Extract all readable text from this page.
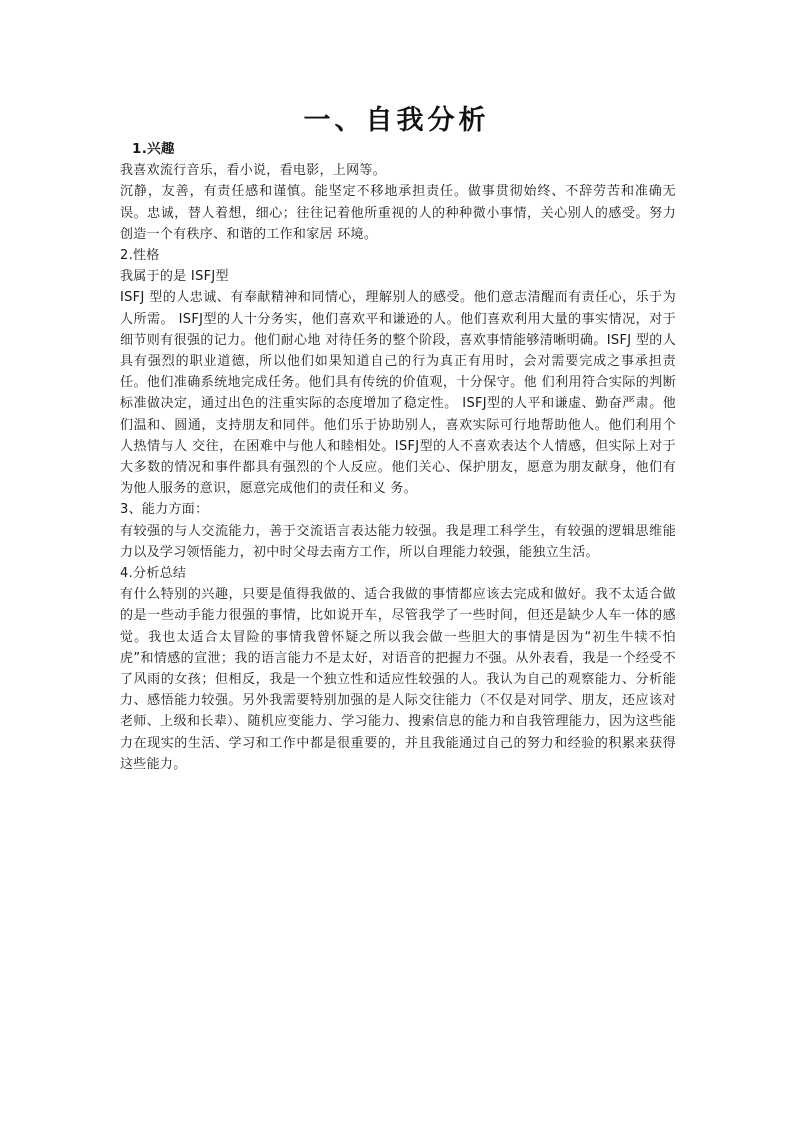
一、自我分析

1.兴趣

我喜欢流行音乐，看小说，看电影，上网等。

沉静，友善，有责任感和谨慎。能坚定不移地承担责任。做事贯彻始终、不辞劳苦和准确无误。忠诚，替人着想，细心；往往记着他所重视的人的种种微小事情，关心别人的感受。努力创造一个有秩序、和谐的工作和家居 环境。

2.性格

我属于的是 ISFJ型

ISFJ 型的人忠诚、有奉献精神和同情心，理解别人的感受。他们意志清醒而有责任心，乐于为人所需。 ISFJ型的人十分务实，他们喜欢平和谦逊的人。他们喜欢利用大量的事实情况，对于细节则有很强的记力。他们耐心地 对待任务的整个阶段，喜欢事情能够清晰明确。ISFJ 型的人具有强烈的职业道德，所以他们如果知道自己的行为真正有用时，会对需要完成之事承担责任。他们准确系统地完成任务。他们具有传统的价值观，十分保守。他 们利用符合实际的判断标准做决定，通过出色的注重实际的态度增加了稳定性。 ISFJ型的人平和谦虚、勤奋严肃。他们温和、圆通，支持朋友和同伴。他们乐于协助别人，喜欢实际可行地帮助他人。他们利用个人热情与人 交往，在困难中与他人和睦相处。ISFJ型的人不喜欢表达个人情感，但实际上对于大多数的情况和事件都具有强烈的个人反应。他们关心、保护朋友，愿意为朋友献身，他们有为他人服务的意识，愿意完成他们的责任和义 务。

3、能力方面：

有较强的与人交流能力，善于交流语言表达能力较强。我是理工科学生，有较强的逻辑思维能力以及学习领悟能力，初中时父母去南方工作，所以自理能力较强，能独立生活。

4.分析总结

有什么特别的兴趣，只要是值得我做的、适合我做的事情都应该去完成和做好。我不太适合做的是一些动手能力很强的事情，比如说开车，尽管我学了一些时间，但还是缺少人车一体的感觉。我也太适合太冒险的事情我曾怀疑之所以我会做一些胆大的事情是因为“初生牛犊不怕虎”和情感的宣泄；我的语言能力不是太好，对语音的把握力不强。从外表看，我是一个经受不了风雨的女孩；但相反，我是一个独立性和适应性较强的人。我认为自己的观察能力、分析能力、感悟能力较强。另外我需要特别加强的是人际交往能力（不仅是对同学、朋友，还应该对老师、上级和长辈）、随机应变能力、学习能力、搜索信息的能力和自我管理能力，因为这些能力在现实的生活、学习和工作中都是很重要的，并且我能通过自己的努力和经验的积累来获得这些能力。
